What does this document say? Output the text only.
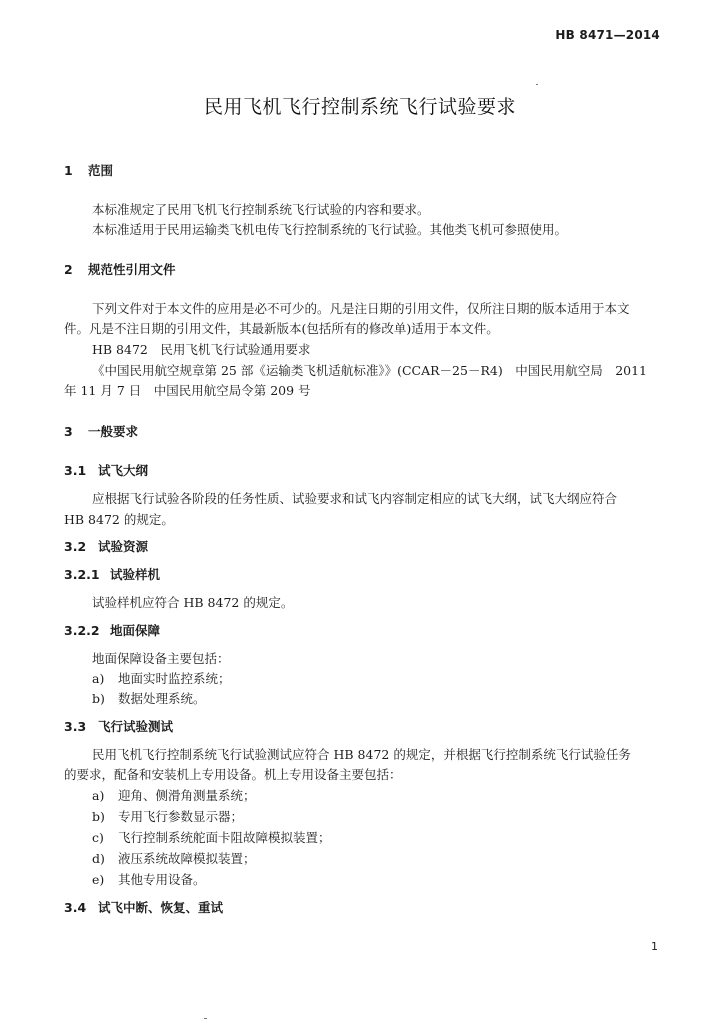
HB 8471—2014
民用飞机飞行控制系统飞行试验要求
1 范围
本标准规定了民用飞机飞行控制系统飞行试验的内容和要求。
本标准适用于民用运输类飞机电传飞行控制系统的飞行试验。其他类飞机可参照使用。
2 规范性引用文件
下列文件对于本文件的应用是必不可少的。凡是注日期的引用文件，仅所注日期的版本适用于本文
件。凡是不注日期的引用文件，其最新版本(包括所有的修改单)适用于本文件。
HB 8472　民用飞机飞行试验通用要求
《中国民用航空规章第 25 部《运输类飞机适航标准》》(CCAR－25－R4)　中国民用航空局　2011
年 11 月 7 日　中国民用航空局令第 209 号
3 一般要求
3.1 试飞大纲
应根据飞行试验各阶段的任务性质、试验要求和试飞内容制定相应的试飞大纲，试飞大纲应符合
HB 8472 的规定。
3.2 试验资源
3.2.1 试验样机
试验样机应符合 HB 8472 的规定。
3.2.2 地面保障
地面保障设备主要包括：
a) 地面实时监控系统；
b) 数据处理系统。
3.3 飞行试验测试
民用飞机飞行控制系统飞行试验测试应符合 HB 8472 的规定，并根据飞行控制系统飞行试验任务
的要求，配备和安装机上专用设备。机上专用设备主要包括：
a) 迎角、侧滑角测量系统；
b) 专用飞行参数显示器；
c) 飞行控制系统舵面卡阻故障模拟装置；
d) 液压系统故障模拟装置；
e) 其他专用设备。
3.4 试飞中断、恢复、重试
1
